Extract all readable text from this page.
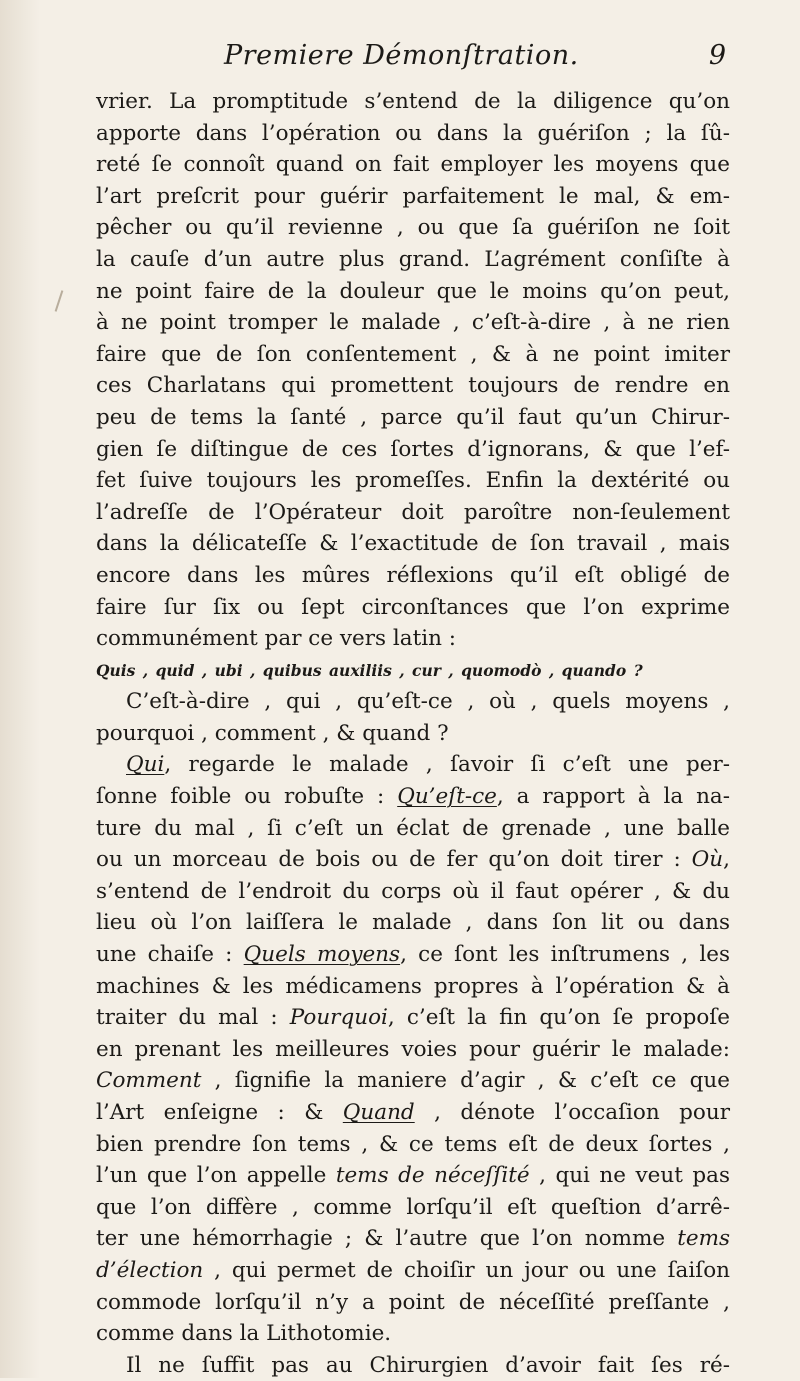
Premiere Démonſtration.	9
vrier. La promptitude s’entend de la diligence qu’on
apporte dans l’opération ou dans la guériſon ; la ſû-
reté ſe connoît quand on fait employer les moyens que
l’art preſcrit pour guérir parfaitement le mal, & em-
pêcher ou qu’il revienne , ou que ſa guériſon ne ſoit
la cauſe d’un autre plus grand. L’agrément conſiſte à
ne point faire de la douleur que le moins qu’on peut,
à ne point tromper le malade , c’eſt-à-dire , à ne rien
faire que de ſon conſentement , & à ne point imiter
ces Charlatans qui promettent toujours de rendre en
peu de tems la ſanté , parce qu’il faut qu’un Chirur-
gien ſe diſtingue de ces ſortes d’ignorans, & que l’ef-
fet ſuive toujours les promeſſes. Enfin la dextérité ou
l’adreſſe de l’Opérateur doit paroître non-ſeulement
dans la délicateſſe & l’exactitude de ſon travail , mais
encore dans les mûres réflexions qu’il eſt obligé de
faire ſur ſix ou ſept circonſtances que l’on exprime
communément par ce vers latin :
Quis , quid , ubi , quibus auxiliis , cur , quomodò , quando ?
C’eſt-à-dire , qui , qu’eſt-ce , où , quels moyens ,
pourquoi , comment , & quand ?
Qui, regarde le malade , ſavoir ſi c’eſt une per-
ſonne foible ou robuſte : Qu’eſt-ce, a rapport à la na-
ture du mal , ſi c’eſt un éclat de grenade , une balle
ou un morceau de bois ou de fer qu’on doit tirer : Où,
s’entend de l’endroit du corps où il faut opérer , & du
lieu où l’on laiſſera le malade , dans ſon lit ou dans
une chaiſe : Quels moyens, ce ſont les inſtrumens , les
machines & les médicamens propres à l’opération & à
traiter du mal : Pourquoi, c’eſt la fin qu’on ſe propoſe
en prenant les meilleures voies pour guérir le malade:
Comment , ſignifie la maniere d’agir , & c’eſt ce que
l’Art enſeigne : & Quand , dénote l’occaſion pour
bien prendre ſon tems , & ce tems eſt de deux ſortes ,
l’un que l’on appelle tems de néceſſité , qui ne veut pas
que l’on diffère , comme lorſqu’il eſt queſtion d’arrê-
ter une hémorrhagie ; & l’autre que l’on nomme tems
d’élection , qui permet de choiſir un jour ou une ſaiſon
commode lorſqu’il n’y a point de néceſſité preſſante ,
comme dans la Lithotomie.
Il ne ſuffit pas au Chirurgien d’avoir fait ſes ré-
